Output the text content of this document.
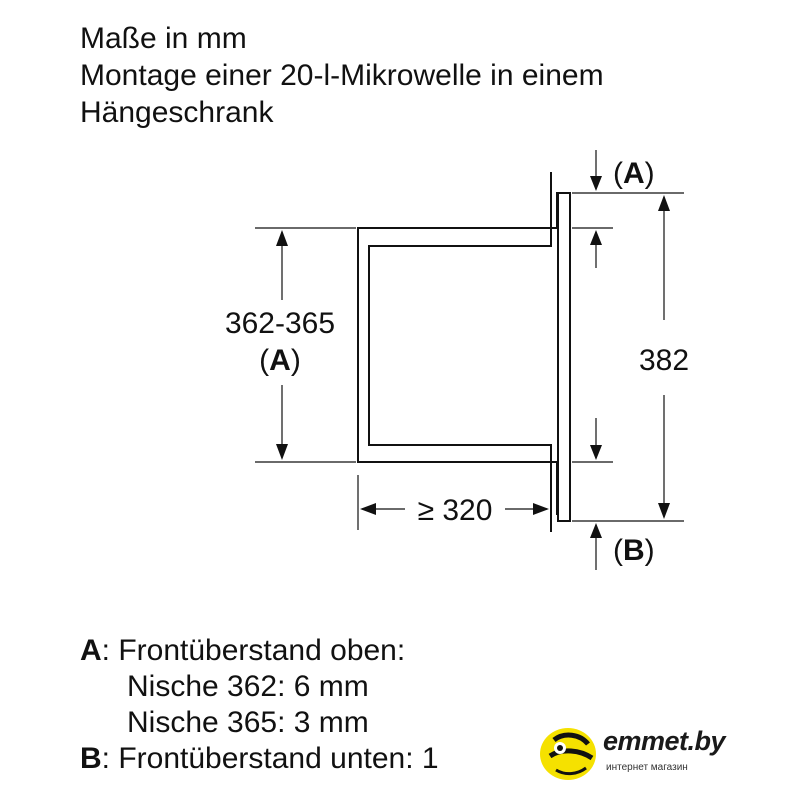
Maße in mm
Montage einer 20-l-Mikrowelle in einem
Hängeschrank
362-365
(A)
≥ 320
382
(A)
(B)
A: Frontüberstand oben:
Nische 362: 6 mm
Nische 365: 3 mm
B: Frontüberstand unten: 1
emmet.by
интернет магазин
